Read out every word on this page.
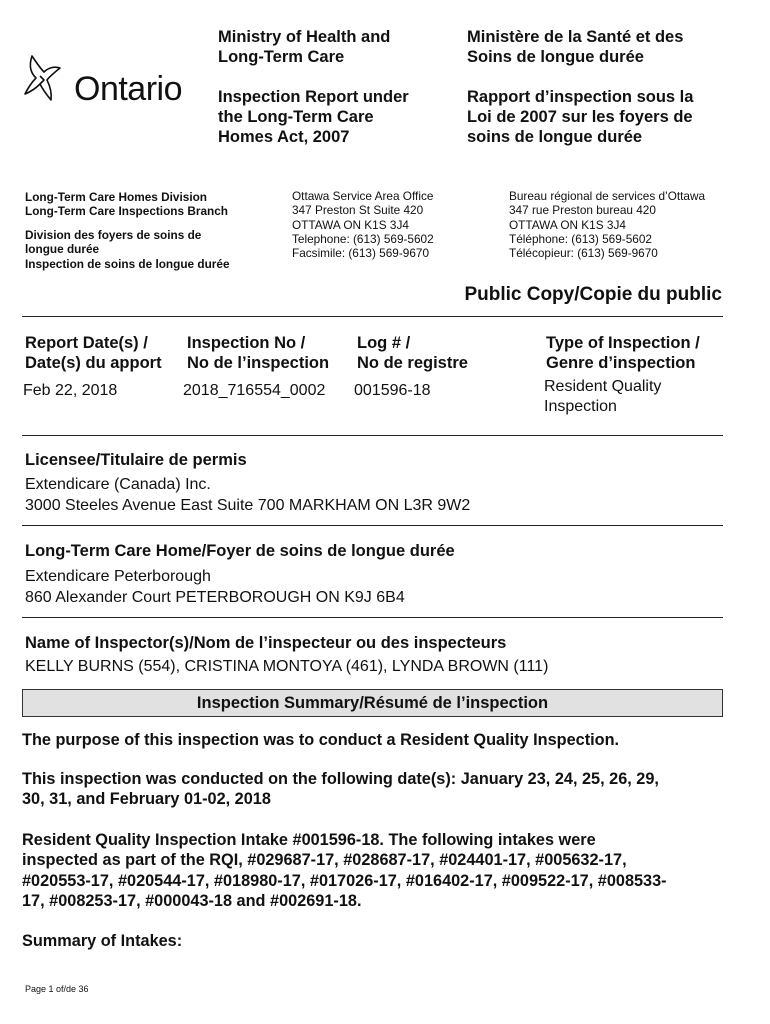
Ontario
Ministry of Health and
Long-Term Care
Inspection Report under
the Long-Term Care
Homes Act, 2007
Ministère de la Santé et des
Soins de longue durée
Rapport d’inspection sous la
Loi de 2007 sur les foyers de
soins de longue durée
Long-Term Care Homes Division
Long-Term Care Inspections Branch
Division des foyers de soins de
longue durée
Inspection de soins de longue durée
Ottawa Service Area Office
347 Preston St Suite 420
OTTAWA ON K1S 3J4
Telephone: (613) 569-5602
Facsimile: (613) 569-9670
Bureau régional de services d’Ottawa
347 rue Preston bureau 420
OTTAWA ON K1S 3J4
Téléphone: (613) 569-5602
Télécopieur: (613) 569-9670
Public Copy/Copie du public
Report Date(s) /
Date(s) du apport
Inspection No /
No de l’inspection
Log # /
No de registre
Type of Inspection /
Genre d’inspection
Feb 22, 2018	2018_716554_0002 001596-18	Resident Quality
Inspection
Licensee/Titulaire de permis
Extendicare (Canada) Inc.
3000 Steeles Avenue East Suite 700 MARKHAM ON L3R 9W2
Long-Term Care Home/Foyer de soins de longue durée
Extendicare Peterborough
860 Alexander Court PETERBOROUGH ON K9J 6B4
Name of Inspector(s)/Nom de l’inspecteur ou des inspecteurs
KELLY BURNS (554), CRISTINA MONTOYA (461), LYNDA BROWN (111)
Inspection Summary/Résumé de l’inspection
The purpose of this inspection was to conduct a Resident Quality Inspection.
This inspection was conducted on the following date(s): January 23, 24, 25, 26, 29,
30, 31, and February 01-02, 2018
Resident Quality Inspection Intake #001596-18. The following intakes were
inspected as part of the RQI, #029687-17, #028687-17, #024401-17, #005632-17,
#020553-17, #020544-17, #018980-17, #017026-17, #016402-17, #009522-17, #008533-
17, #008253-17, #000043-18 and #002691-18.
Summary of Intakes:
Page 1 of/de 36
